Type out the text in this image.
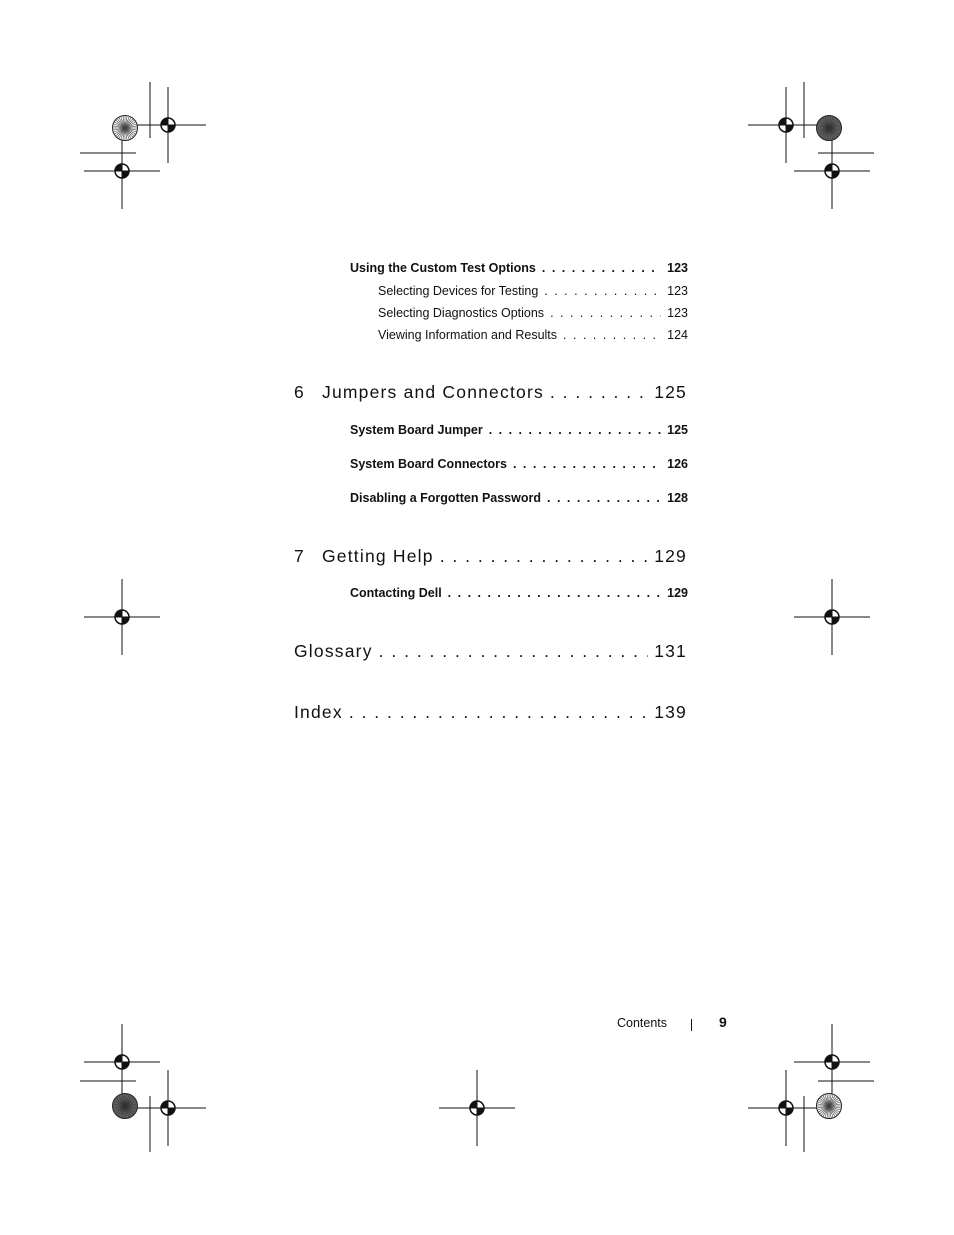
Using the Custom Test Options . . .	123
Selecting Devices for Testing . . .	123
Selecting Diagnostics Options . . .	123
Viewing Information and Results . . .	124
6 Jumpers and Connectors . . .	125
System Board Jumper . . .	125
System Board Connectors . . .	126
Disabling a Forgotten Password . . .	128
7 Getting Help . . .	129
Contacting Dell . . .	129
Glossary . . .	131
Index . . .	139
Contents	9
